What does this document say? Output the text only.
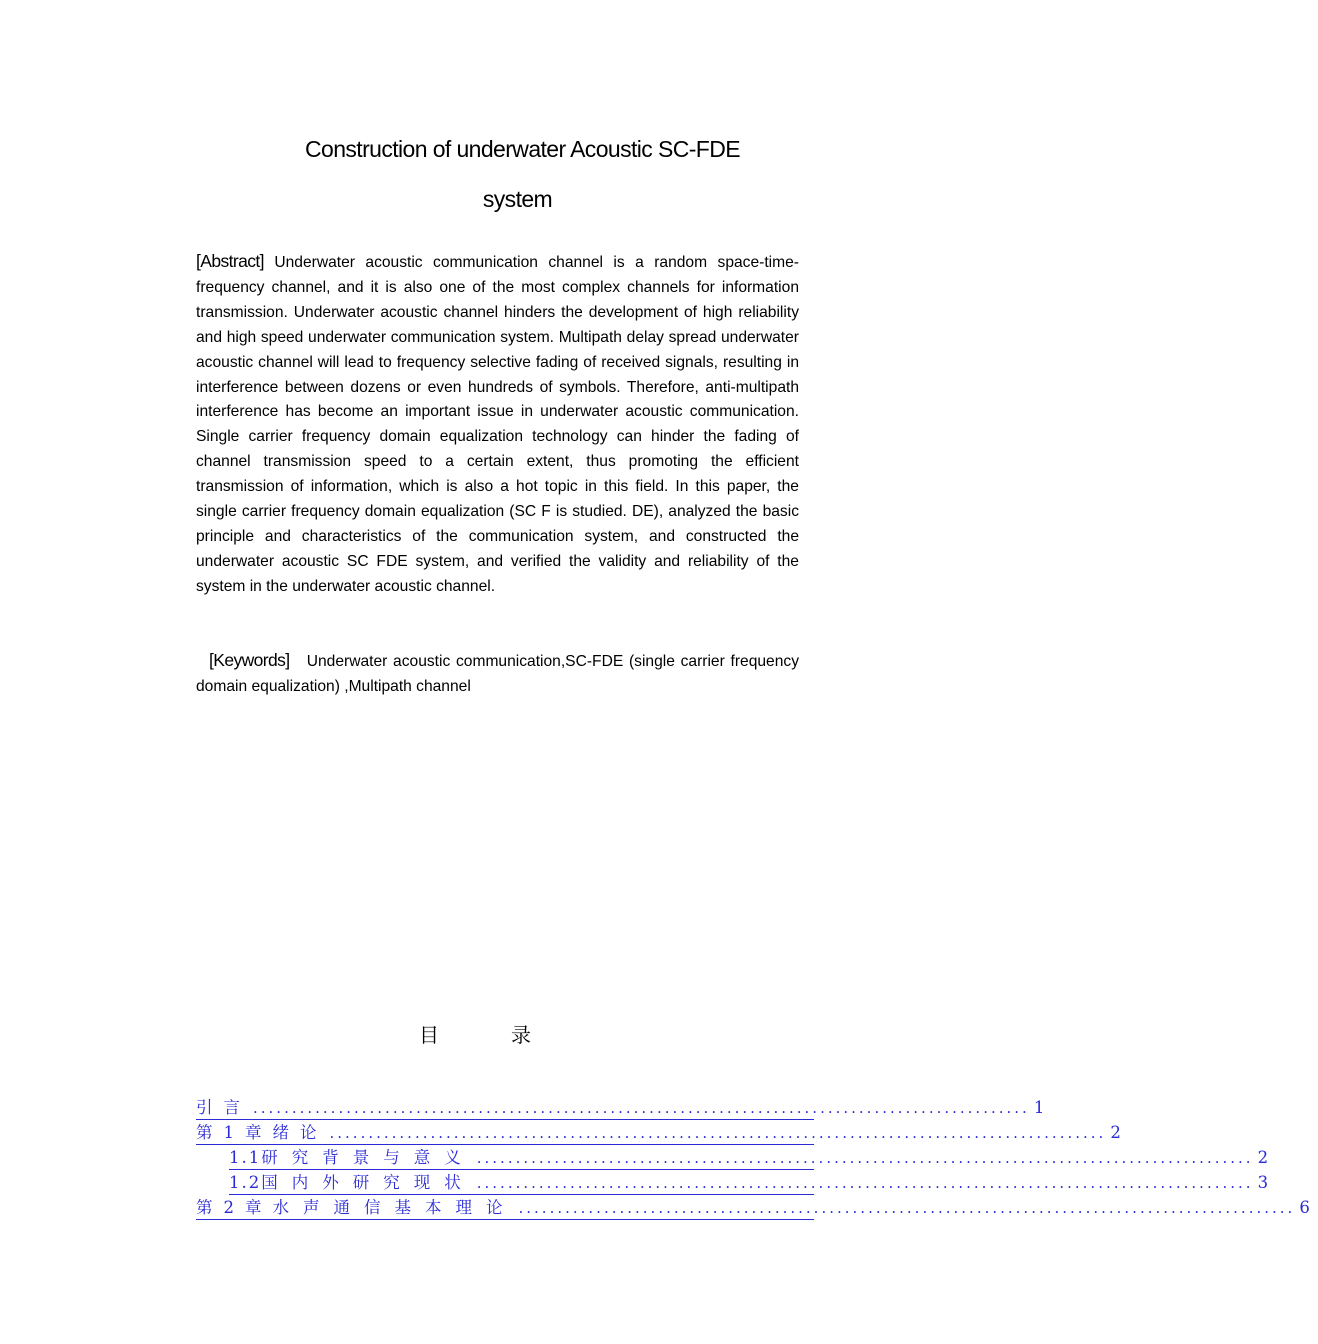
Construction of underwater Acoustic SC-FDE
system

[Abstract] Underwater acoustic communication channel is a random space-time-frequency channel, and it is also one of the most complex channels for information transmission. Underwater acoustic channel hinders the development of high reliability and high speed underwater communication system. Multipath delay spread underwater acoustic channel will lead to frequency selective fading of received signals, resulting in interference between dozens or even hundreds of symbols. Therefore, anti-multipath interference has become an important issue in underwater acoustic communication. Single carrier frequency domain equalization technology can hinder the fading of channel transmission speed to a certain extent, thus promoting the efficient transmission of information, which is also a hot topic in this field. In this paper, the single carrier frequency domain equalization (SC F is studied. DE), analyzed the basic principle and characteristics of the communication system, and constructed the underwater acoustic SC FDE system, and verified the validity and reliability of the system in the underwater acoustic channel.

[Keywords] Underwater acoustic communication,SC-FDE (single carrier frequency domain equalization) ,Multipath channel

目	录
引言 .................................................................................................... 1
第1章 绪论 .................................................................................................... 2
1.1 研究背景与意义 .................................................................................................... 2
1.2 国内外研究现状 .................................................................................................... 3
第2章 水声通信基本理论 .................................................................................................... 6
